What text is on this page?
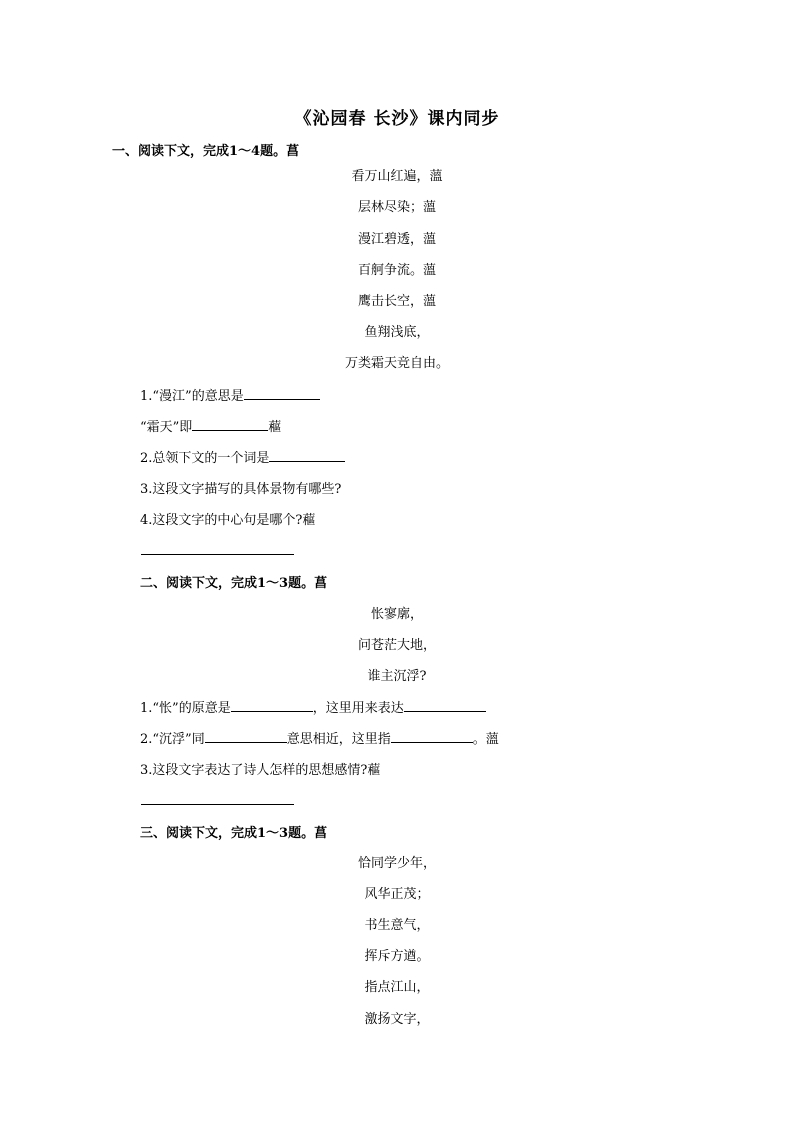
《沁园春 长沙》课内同步
一、阅读下文，完成1～4题。菖
看万山红遍，薀
层林尽染；薀
漫江碧透，薀
百舸争流。薀
鹰击长空，薀
鱼翔浅底，
万类霜天竞自由。
1.“漫江”的意思是
“霜天”即	藲
2.总领下文的一个词是
3.这段文字描写的具体景物有哪些?
4.这段文字的中心句是哪个?藲
二、阅读下文，完成1～3题。菖
怅寥廓，
问苍茫大地，
谁主沉浮?
1.“怅”的原意是	，这里用来表达
2.“沉浮”同	意思相近，这里指	。薀
3.这段文字表达了诗人怎样的思想感情?藲
三、阅读下文，完成1～3题。菖
恰同学少年，
风华正茂；
书生意气，
挥斥方遒。
指点江山，
激扬文字，
